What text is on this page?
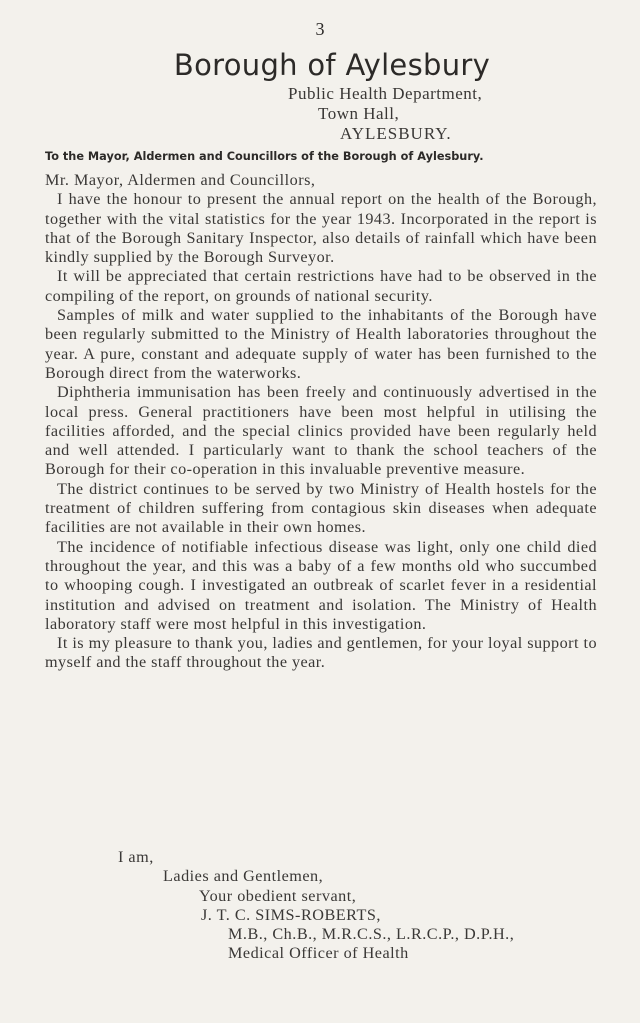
3
Borough of Aylesbury
Public Health Department,
Town Hall,
AYLESBURY.
To the Mayor, Aldermen and Councillors of the Borough of Aylesbury.

Mr. Mayor, Aldermen and Councillors,

I have the honour to present the annual report on the health of the Borough, together with the vital statistics for the year 1943. Incorporated in the report is that of the Borough Sanitary Inspector, also details of rainfall which have been kindly supplied by the Borough Surveyor.

It will be appreciated that certain restrictions have had to be observed in the compiling of the report, on grounds of national security.

Samples of milk and water supplied to the inhabitants of the Borough have been regularly submitted to the Ministry of Health laboratories throughout the year. A pure, constant and adequate supply of water has been furnished to the Borough direct from the waterworks.

Diphtheria immunisation has been freely and continuously advertised in the local press. General practitioners have been most helpful in utilising the facilities afforded, and the special clinics provided have been regularly held and well attended. I particularly want to thank the school teachers of the Borough for their co-operation in this invaluable preventive measure.

The district continues to be served by two Ministry of Health hostels for the treatment of children suffering from contagious skin diseases when adequate facilities are not available in their own homes.

The incidence of notifiable infectious disease was light, only one child died throughout the year, and this was a baby of a few months old who succumbed to whooping cough. I investigated an outbreak of scarlet fever in a residential institution and advised on treatment and isolation. The Ministry of Health laboratory staff were most helpful in this investigation.

It is my pleasure to thank you, ladies and gentlemen, for your loyal support to myself and the staff throughout the year.

I am,
Ladies and Gentlemen,
Your obedient servant,
J. T. C. SIMS-ROBERTS,
M.B., Ch.B., M.R.C.S., L.R.C.P., D.P.H.,
Medical Officer of Health
